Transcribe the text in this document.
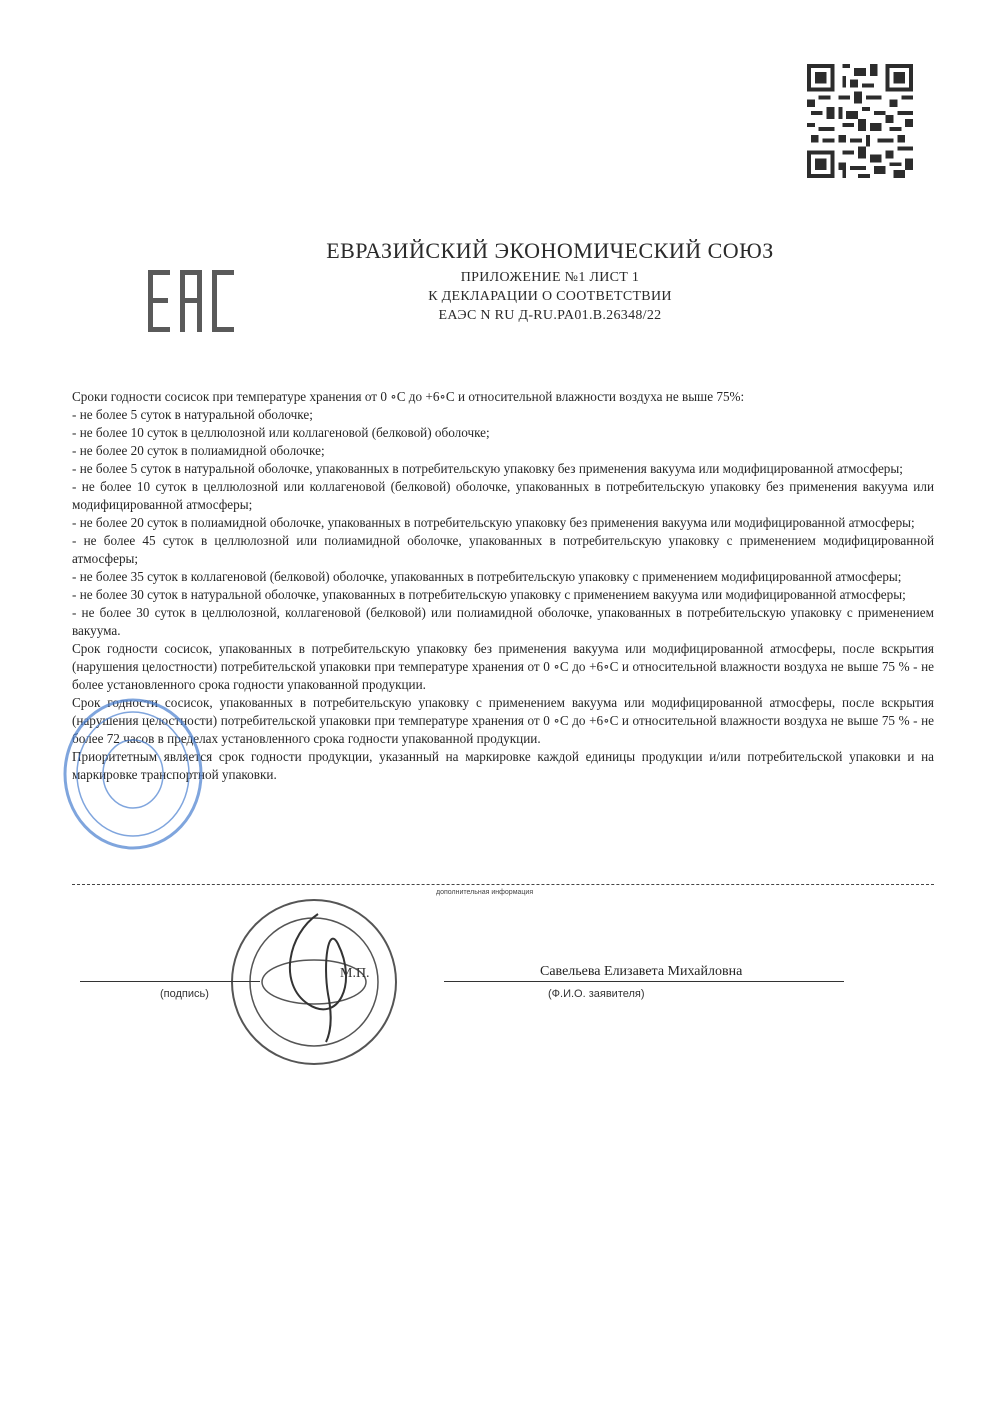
ЕВРАЗИЙСКИЙ ЭКОНОМИЧЕСКИЙ СОЮЗ
ПРИЛОЖЕНИЕ №1 ЛИСТ 1
К ДЕКЛАРАЦИИ О СООТВЕТСТВИИ
ЕАЭС N RU Д-RU.PA01.B.26348/22

Сроки годности сосисок при температуре хранения от 0 ∘С до +6∘С и относительной влажности воздуха не выше 75%:

- не более 5 суток в натуральной оболочке;

- не более 10 суток в целлюлозной или коллагеновой (белковой) оболочке;

- не более 20 суток в полиамидной оболочке;

- не более 5 суток в натуральной оболочке, упакованных в потребительскую упаковку без применения вакуума или модифицированной атмосферы;

- не более 10 суток в целлюлозной или коллагеновой (белковой) оболочке, упакованных в потребительскую упаковку без применения вакуума или модифицированной атмосферы;

- не более 20 суток в полиамидной оболочке, упакованных в потребительскую упаковку без применения вакуума или модифицированной атмосферы;

- не более 45 суток в целлюлозной или полиамидной оболочке, упакованных в потребительскую упаковку с применением модифицированной атмосферы;

- не более 35 суток в коллагеновой (белковой) оболочке, упакованных в потребительскую упаковку с применением модифицированной атмосферы;

- не более 30 суток в натуральной оболочке, упакованных в потребительскую упаковку с применением вакуума или модифицированной атмосферы;

- не более 30 суток в целлюлозной, коллагеновой (белковой) или полиамидной оболочке, упакованных в потребительскую упаковку с применением вакуума.

Срок годности сосисок, упакованных в потребительскую упаковку без применения вакуума или модифицированной атмосферы, после вскрытия (нарушения целостности) потребительской упаковки при температуре хранения от 0 ∘С до +6∘С и относительной влажности воздуха не выше 75 % - не более установленного срока годности упакованной продукции.

Срок годности сосисок, упакованных в потребительскую упаковку с применением вакуума или модифицированной атмосферы, после вскрытия (нарушения целостности) потребительской упаковки при температуре хранения от 0 ∘С до +6∘С и относительной влажности воздуха не выше 75 % - не более 72 часов в пределах установленного срока годности упакованной продукции.

Приоритетным является срок годности продукции, указанный на маркировке каждой единицы продукции и/или потребительской упаковки и на маркировке транспортной упаковки.

дополнительная информация
(подпись)
М.П.	Савельева Елизавета Михайловна
(Ф.И.О. заявителя)
